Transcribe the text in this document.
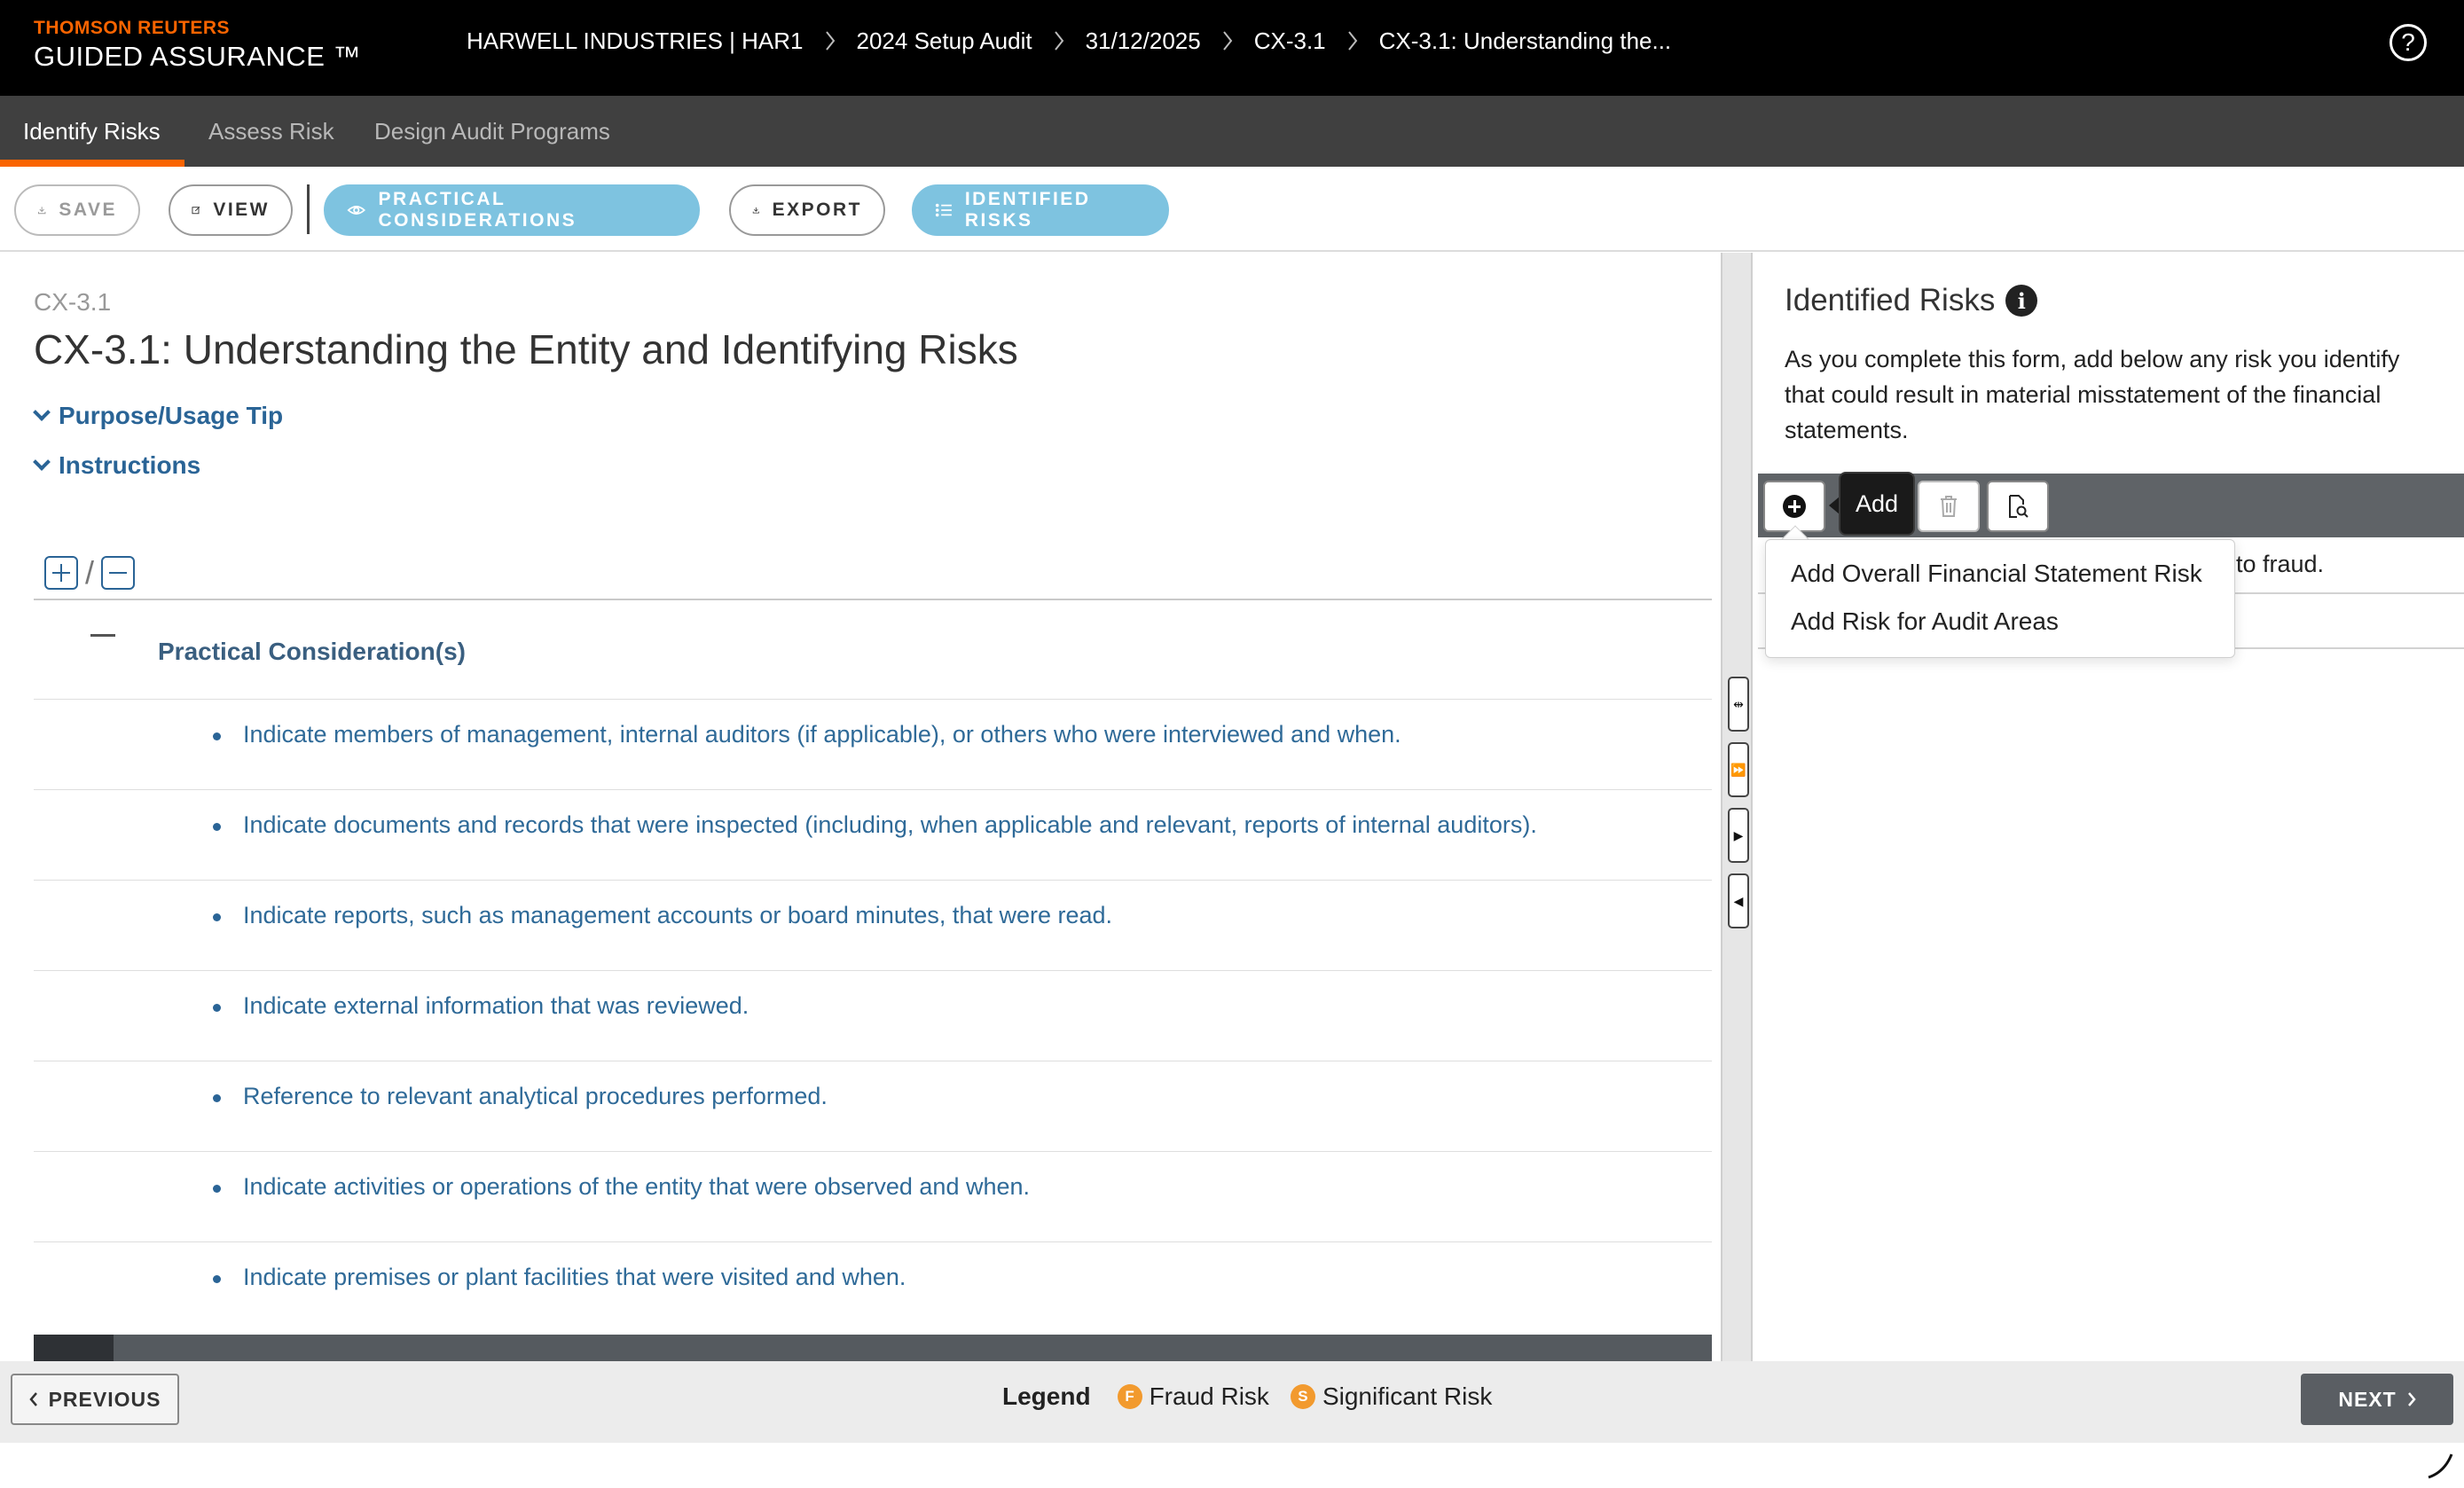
THOMSON REUTERS
GUIDED ASSURANCE ™
HARWELL INDUSTRIES | HAR1 2024 Setup Audit 31/12/2025 CX-3.1 CX-3.1: Understanding the...	?
Identify Risks Assess Risk Design Audit Programs
SAVE	VIEW
PRACTICAL CONSIDERATIONS
EXPORT
IDENTIFIED RISKS
CX-3.1
CX-3.1: Understanding the Entity and Identifying Risks
Purpose/Usage Tip
Instructions
/
Practical Consideration(s)
Indicate members of management, internal auditors (if applicable), or others who were interviewed and when.
Indicate documents and records that were inspected (including, when applicable and relevant, reports of internal auditors).
Indicate reports, such as management accounts or board minutes, that were read.
Indicate external information that was reviewed.
Reference to relevant analytical procedures performed.
Indicate activities or operations of the entity that were observed and when.
Indicate premises or plant facilities that were visited and when.
⇹
⏩
▶
◀
Identified Risks	i
As you complete this form, add below any risk you identify that could result in material misstatement of the financial statements.
to fraud.
Add
Add Overall Financial Statement Risk
Add Risk for Audit Areas
PREVIOUS	Legend	F Fraud Risk	S Significant Risk	NEXT
